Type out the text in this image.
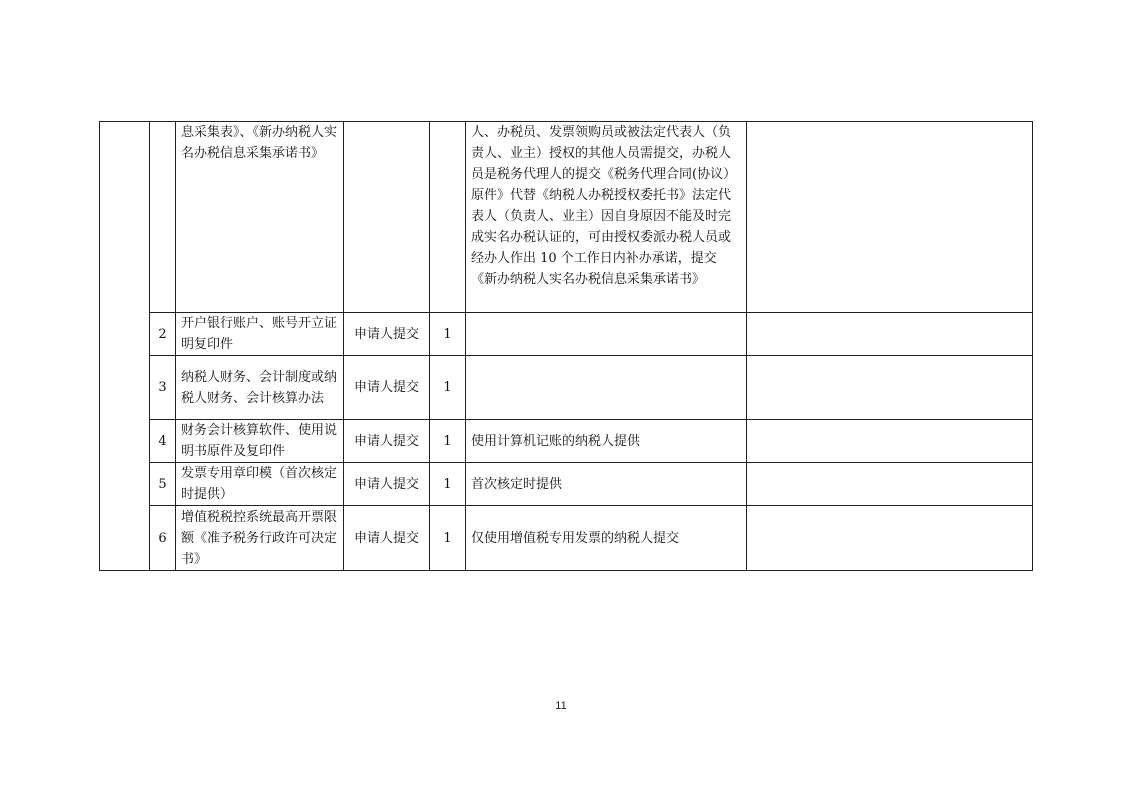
		息采集表》、《新办纳税人实名办税信息采集承诺书》			人、办税员、发票领购员或被法定代表人（负责人、业主）授权的其他人员需提交，办税人员是税务代理人的提交《税务代理合同(协议）原件》代替《纳税人办税授权委托书》法定代表人（负责人、业主）因自身原因不能及时完成实名办税认证的，可由授权委派办税人员或经办人作出 10 个工作日内补办承诺，提交《新办纳税人实名办税信息采集承诺书》	
	2	开户银行账户、账号开立证明复印件	申请人提交	1		
	3	纳税人财务、会计制度或纳税人财务、会计核算办法	申请人提交	1		
	4	财务会计核算软件、使用说明书原件及复印件	申请人提交	1	使用计算机记账的纳税人提供	
	5	发票专用章印模（首次核定时提供）	申请人提交	1	首次核定时提供	
	6	增值税税控系统最高开票限额《准予税务行政许可决定书》	申请人提交	1	仅使用增值税专用发票的纳税人提交	
11
